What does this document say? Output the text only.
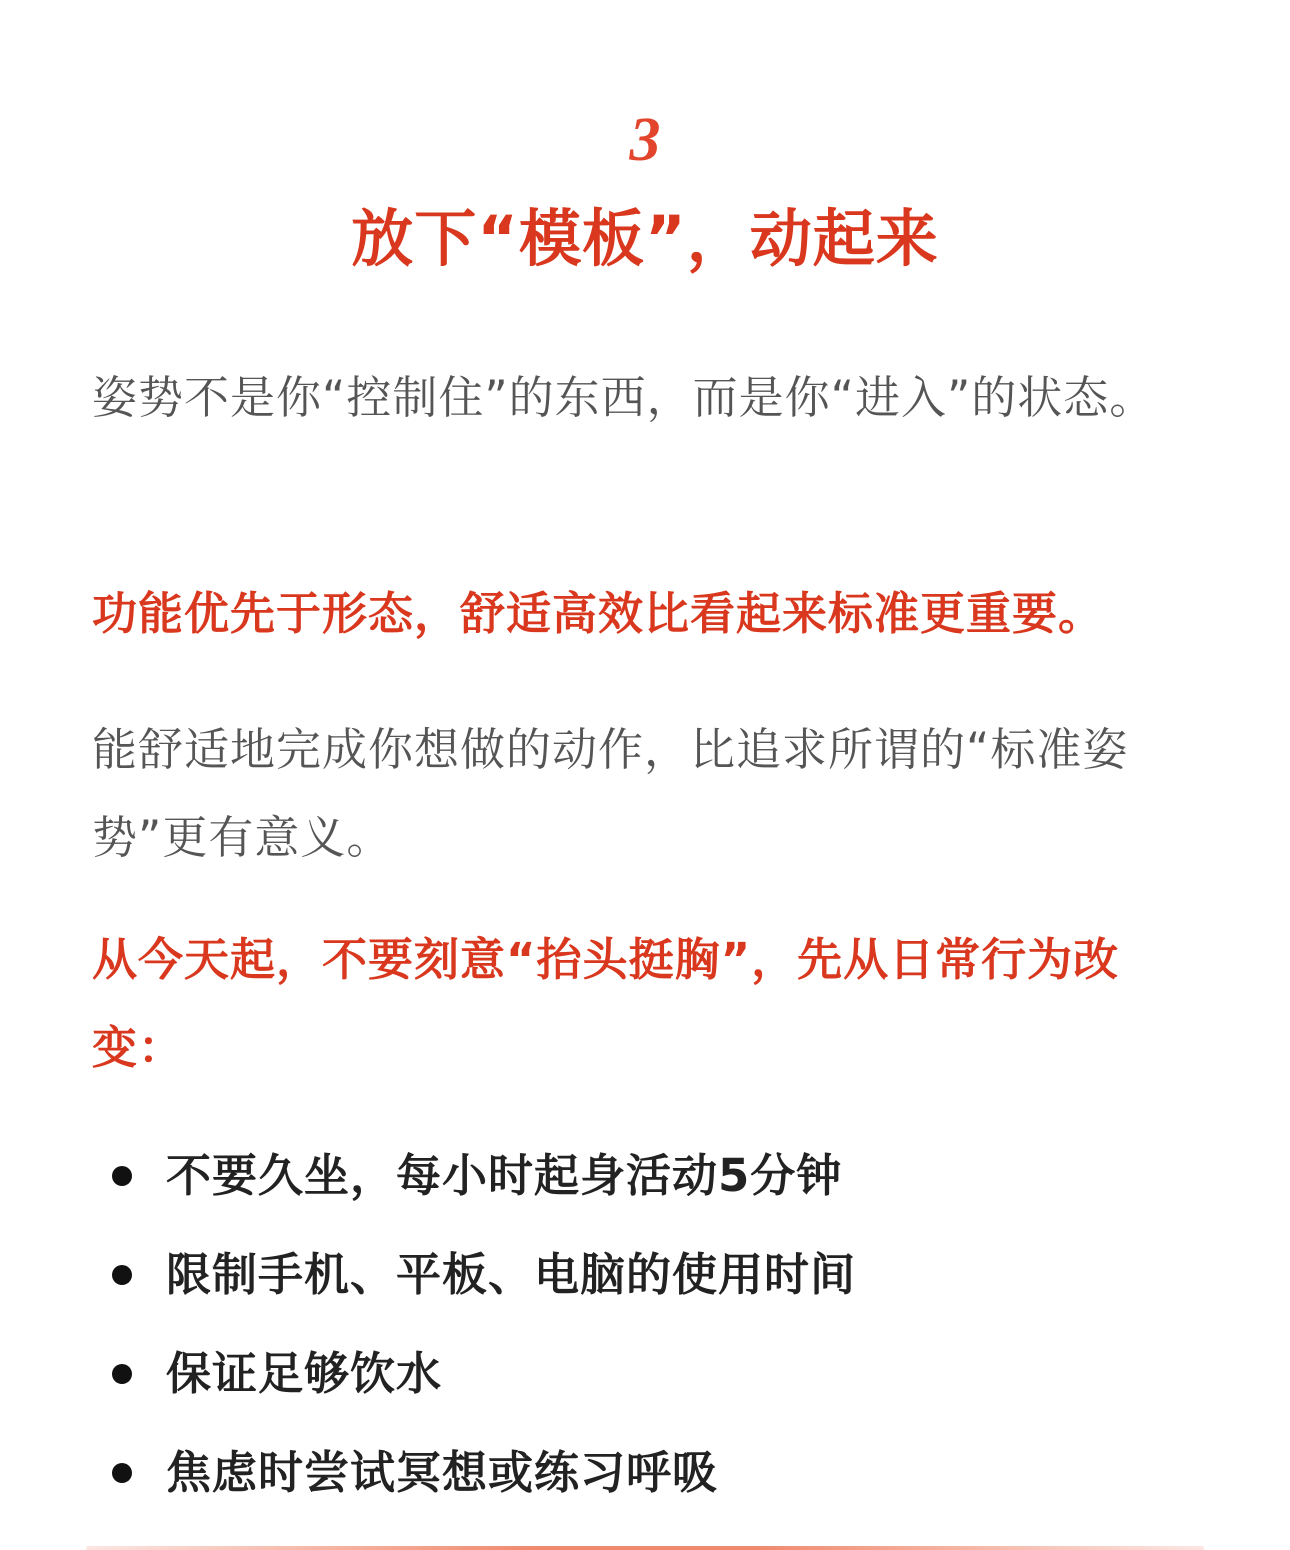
3
放下“模板”，动起来

姿势不是你“控制住”的东西，而是你“进入”的状态。

功能优先于形态，舒适高效比看起来标准更重要。

能舒适地完成你想做的动作，比追求所谓的“标准姿势”更有意义。

从今天起，不要刻意“抬头挺胸”，先从日常行为改变：

不要久坐，每小时起身活动5分钟
限制手机、平板、电脑的使用时间
保证足够饮水
焦虑时尝试冥想或练习呼吸
